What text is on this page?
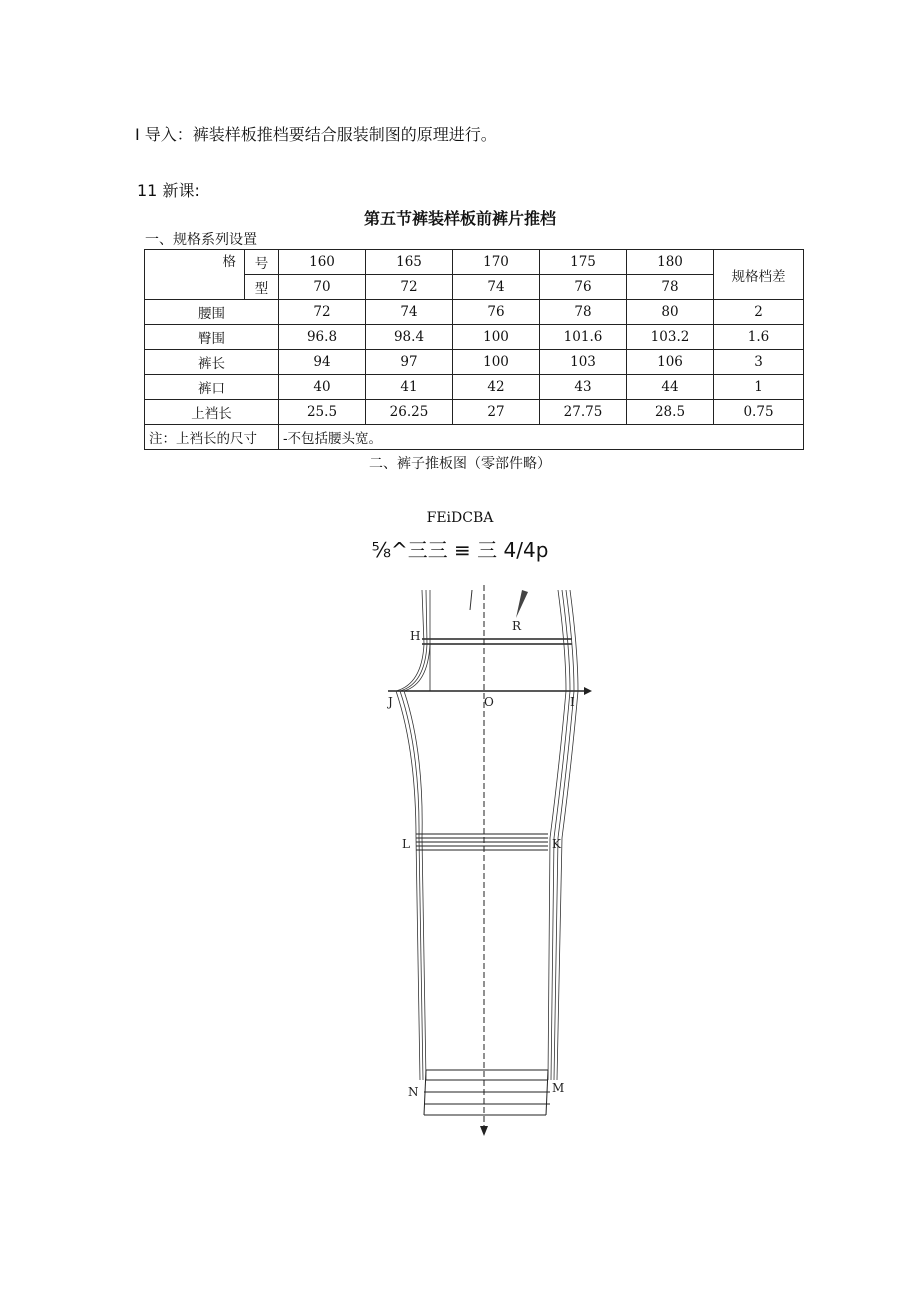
I 导入：裤装样板推档要结合服装制图的原理进行。
11 新课:
第五节裤装样板前裤片推档
一、规格系列设置
格	号	160	165	170	175	180	规格档差
	型	70	72	74	76	78	
腰围		72	74	76	78	80	2
臀围		96.8	98.4	100	101.6	103.2	1.6
裤长		94	97	100	103	106	3
裤口		40	41	42	43	44	1
上裆长		25.5	26.25	27	27.75	28.5	0.75
注：上裆长的尺寸		-不包括腰头宽。					
二、裤子推板图（零部件略）
FEiDCBA
⅝^三三 ≡ 三 4/4p
H
R
J	O	I
L	K
N	M
